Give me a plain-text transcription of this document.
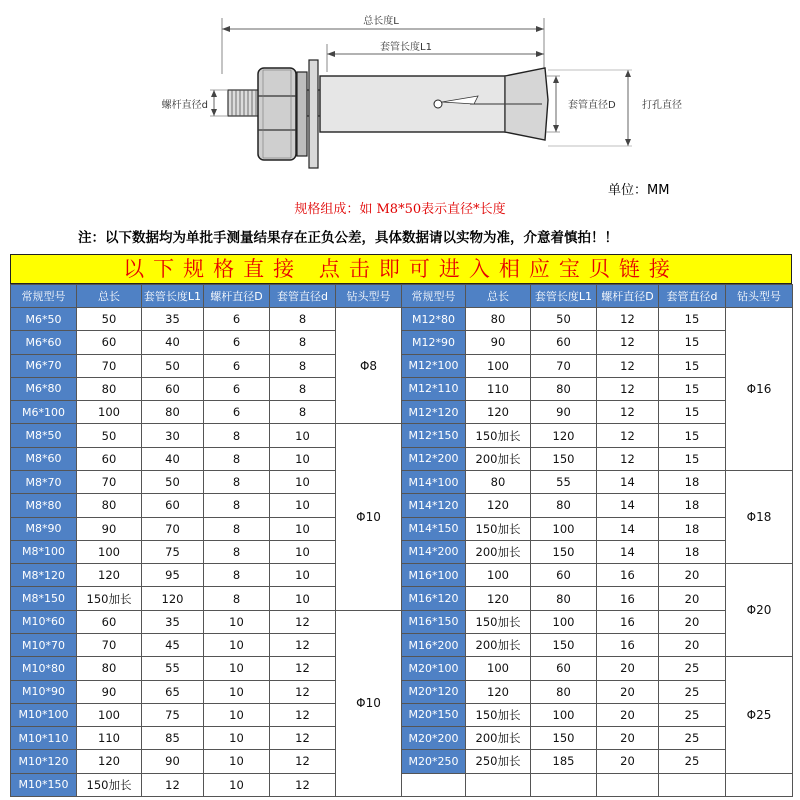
总长度L
套管长度L1
螺杆直径d	套管直径D	打孔直径
单位：MM
规格组成：如 M8*50表示直径*长度
注：以下数据均为单批手测量结果存在正负公差，具体数据请以实物为准，介意着慎拍！！
以下规格直接 点击即可进入相应宝贝链接
常规型号	总长	套管长度L1	螺杆直径D	套管直径d	钻头型号	常规型号	总长	套管长度L1	螺杆直径D	套管直径d	钻头型号
M6*50	50	35	6	8	Φ8	M12*80	80	50	12	15	Φ16
M6*60	60	40	6	8		M12*90	90	60	12	15	
M6*70	70	50	6	8		M12*100	100	70	12	15	
M6*80	80	60	6	8		M12*110	110	80	12	15	
M6*100	100	80	6	8		M12*120	120	90	12	15	
M8*50	50	30	8	10	Φ10	M12*150	150加长	120	12	15	
M8*60	60	40	8	10		M12*200	200加长	150	12	15	
M8*70	70	50	8	10		M14*100	80	55	14	18	Φ18
M8*80	80	60	8	10		M14*120	120	80	14	18	
M8*90	90	70	8	10		M14*150	150加长	100	14	18	
M8*100	100	75	8	10		M14*200	200加长	150	14	18	
M8*120	120	95	8	10		M16*100	100	60	16	20	Φ20
M8*150	150加长	120	8	10		M16*120	120	80	16	20	
M10*60	60	35	10	12	Φ10	M16*150	150加长	100	16	20	
M10*70	70	45	10	12		M16*200	200加长	150	16	20	
M10*80	80	55	10	12		M20*100	100	60	20	25	Φ25
M10*90	90	65	10	12		M20*120	120	80	20	25	
M10*100	100	75	10	12		M20*150	150加长	100	20	25	
M10*110	110	85	10	12		M20*200	200加长	150	20	25	
M10*120	120	90	10	12		M20*250	250加长	185	20	25	
M10*150	150加长	12	10	12							
